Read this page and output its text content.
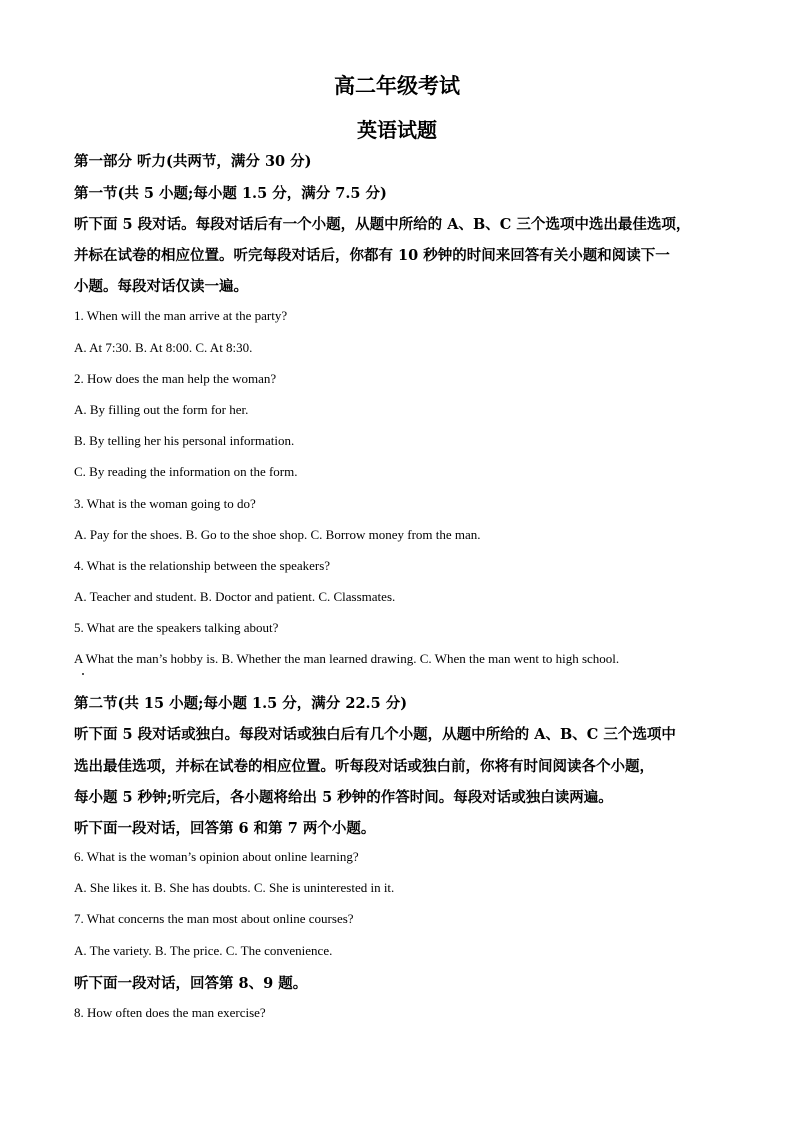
高二年级考试
英语试题
第一部分 听力(共两节，满分 30 分)
第一节(共 5 小题;每小题 1.5 分，满分 7.5 分)
听下面 5 段对话。每段对话后有一个小题，从题中所给的 A、B、C 三个选项中选出最佳选项，
并标在试卷的相应位置。听完每段对话后，你都有 10 秒钟的时间来回答有关小题和阅读下一
小题。每段对话仅读一遍。
1. When will the man arrive at the party?
A. At 7:30. B. At 8:00. C. At 8:30.
2. How does the man help the woman?
A. By filling out the form for her.
B. By telling her his personal information.
C. By reading the information on the form.
3. What is the woman going to do?
A. Pay for the shoes. B. Go to the shoe shop. C. Borrow money from the man.
4. What is the relationship between the speakers?
A. Teacher and student. B. Doctor and patient. C. Classmates.
5. What are the speakers talking about?
A What the man’s hobby is. B. Whether the man learned drawing. C. When the man went to high school.
第二节(共 15 小题;每小题 1.5 分，满分 22.5 分)
听下面 5 段对话或独白。每段对话或独白后有几个小题，从题中所给的 A、B、C 三个选项中
选出最佳选项，并标在试卷的相应位置。听每段对话或独白前，你将有时间阅读各个小题，
每小题 5 秒钟;听完后，各小题将给出 5 秒钟的作答时间。每段对话或独白读两遍。
听下面一段对话，回答第 6 和第 7 两个小题。
6. What is the woman’s opinion about online learning?
A. She likes it. B. She has doubts. C. She is uninterested in it.
7. What concerns the man most about online courses?
A. The variety. B. The price. C. The convenience.
听下面一段对话，回答第 8、9 题。
8. How often does the man exercise?
